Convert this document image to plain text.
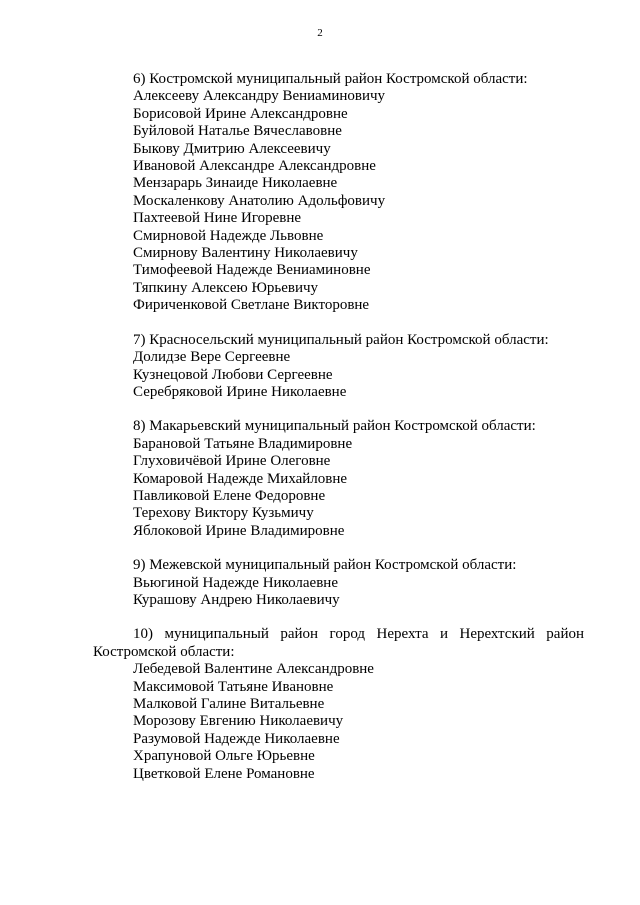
2
6) Костромской муниципальный район Костромской области:
Алексееву Александру Вениаминовичу
Борисовой Ирине Александровне
Буйловой Наталье Вячеславовне
Быкову Дмитрию Алексеевичу
Ивановой Александре Александровне
Мензарарь Зинаиде Николаевне
Москаленкову Анатолию Адольфовичу
Пахтеевой Нине Игоревне
Смирновой Надежде Львовне
Смирнову Валентину Николаевичу
Тимофеевой Надежде Вениаминовне
Тяпкину Алексею Юрьевичу
Фириченковой Светлане Викторовне
7) Красносельский муниципальный район Костромской области:
Долидзе Вере Сергеевне
Кузнецовой Любови Сергеевне
Серебряковой Ирине Николаевне
8) Макарьевский муниципальный район Костромской области:
Барановой Татьяне Владимировне
Глуховичёвой Ирине Олеговне
Комаровой Надежде Михайловне
Павликовой Елене Федоровне
Терехову Виктору Кузьмичу
Яблоковой Ирине Владимировне
9) Межевской муниципальный район Костромской области:
Вьюгиной Надежде Николаевне
Курашову Андрею Николаевичу
10) муниципальный район город Нерехта и Нерехтский район
Костромской области:
Лебедевой Валентине Александровне
Максимовой Татьяне Ивановне
Малковой Галине Витальевне
Морозову Евгению Николаевичу
Разумовой Надежде Николаевне
Храпуновой Ольге Юрьевне
Цветковой Елене Романовне
